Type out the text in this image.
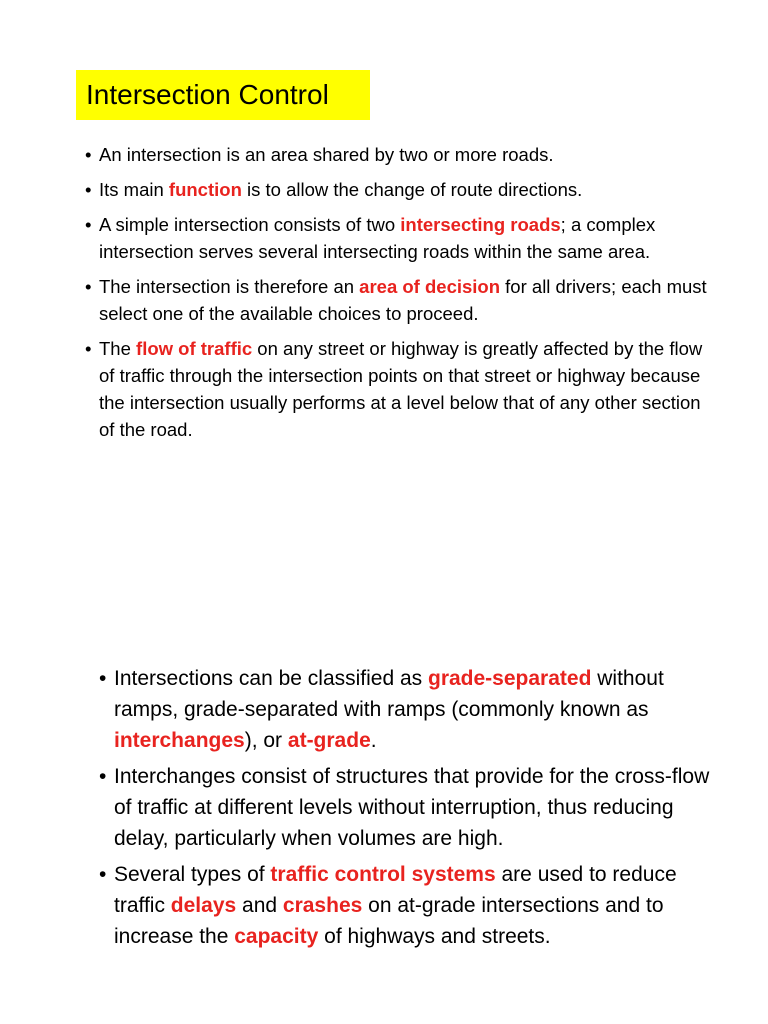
Intersection Control
• An intersection is an area shared by two or more roads.
• Its main function is to allow the change of route directions.
• A simple intersection consists of two intersecting roads; a complex intersection serves several intersecting roads within the same area.
• The intersection is therefore an area of decision for all drivers; each must select one of the available choices to proceed.
• The flow of traffic on any street or highway is greatly affected by the flow of traffic through the intersection points on that street or highway because the intersection usually performs at a level below that of any other section of the road.
• Intersections can be classified as grade-separated without ramps, grade-separated with ramps (commonly known as interchanges), or at-grade.
• Interchanges consist of structures that provide for the cross-flow of traffic at different levels without interruption, thus reducing delay, particularly when volumes are high.
• Several types of traffic control systems are used to reduce traffic delays and crashes on at-grade intersections and to increase the capacity of highways and streets.
